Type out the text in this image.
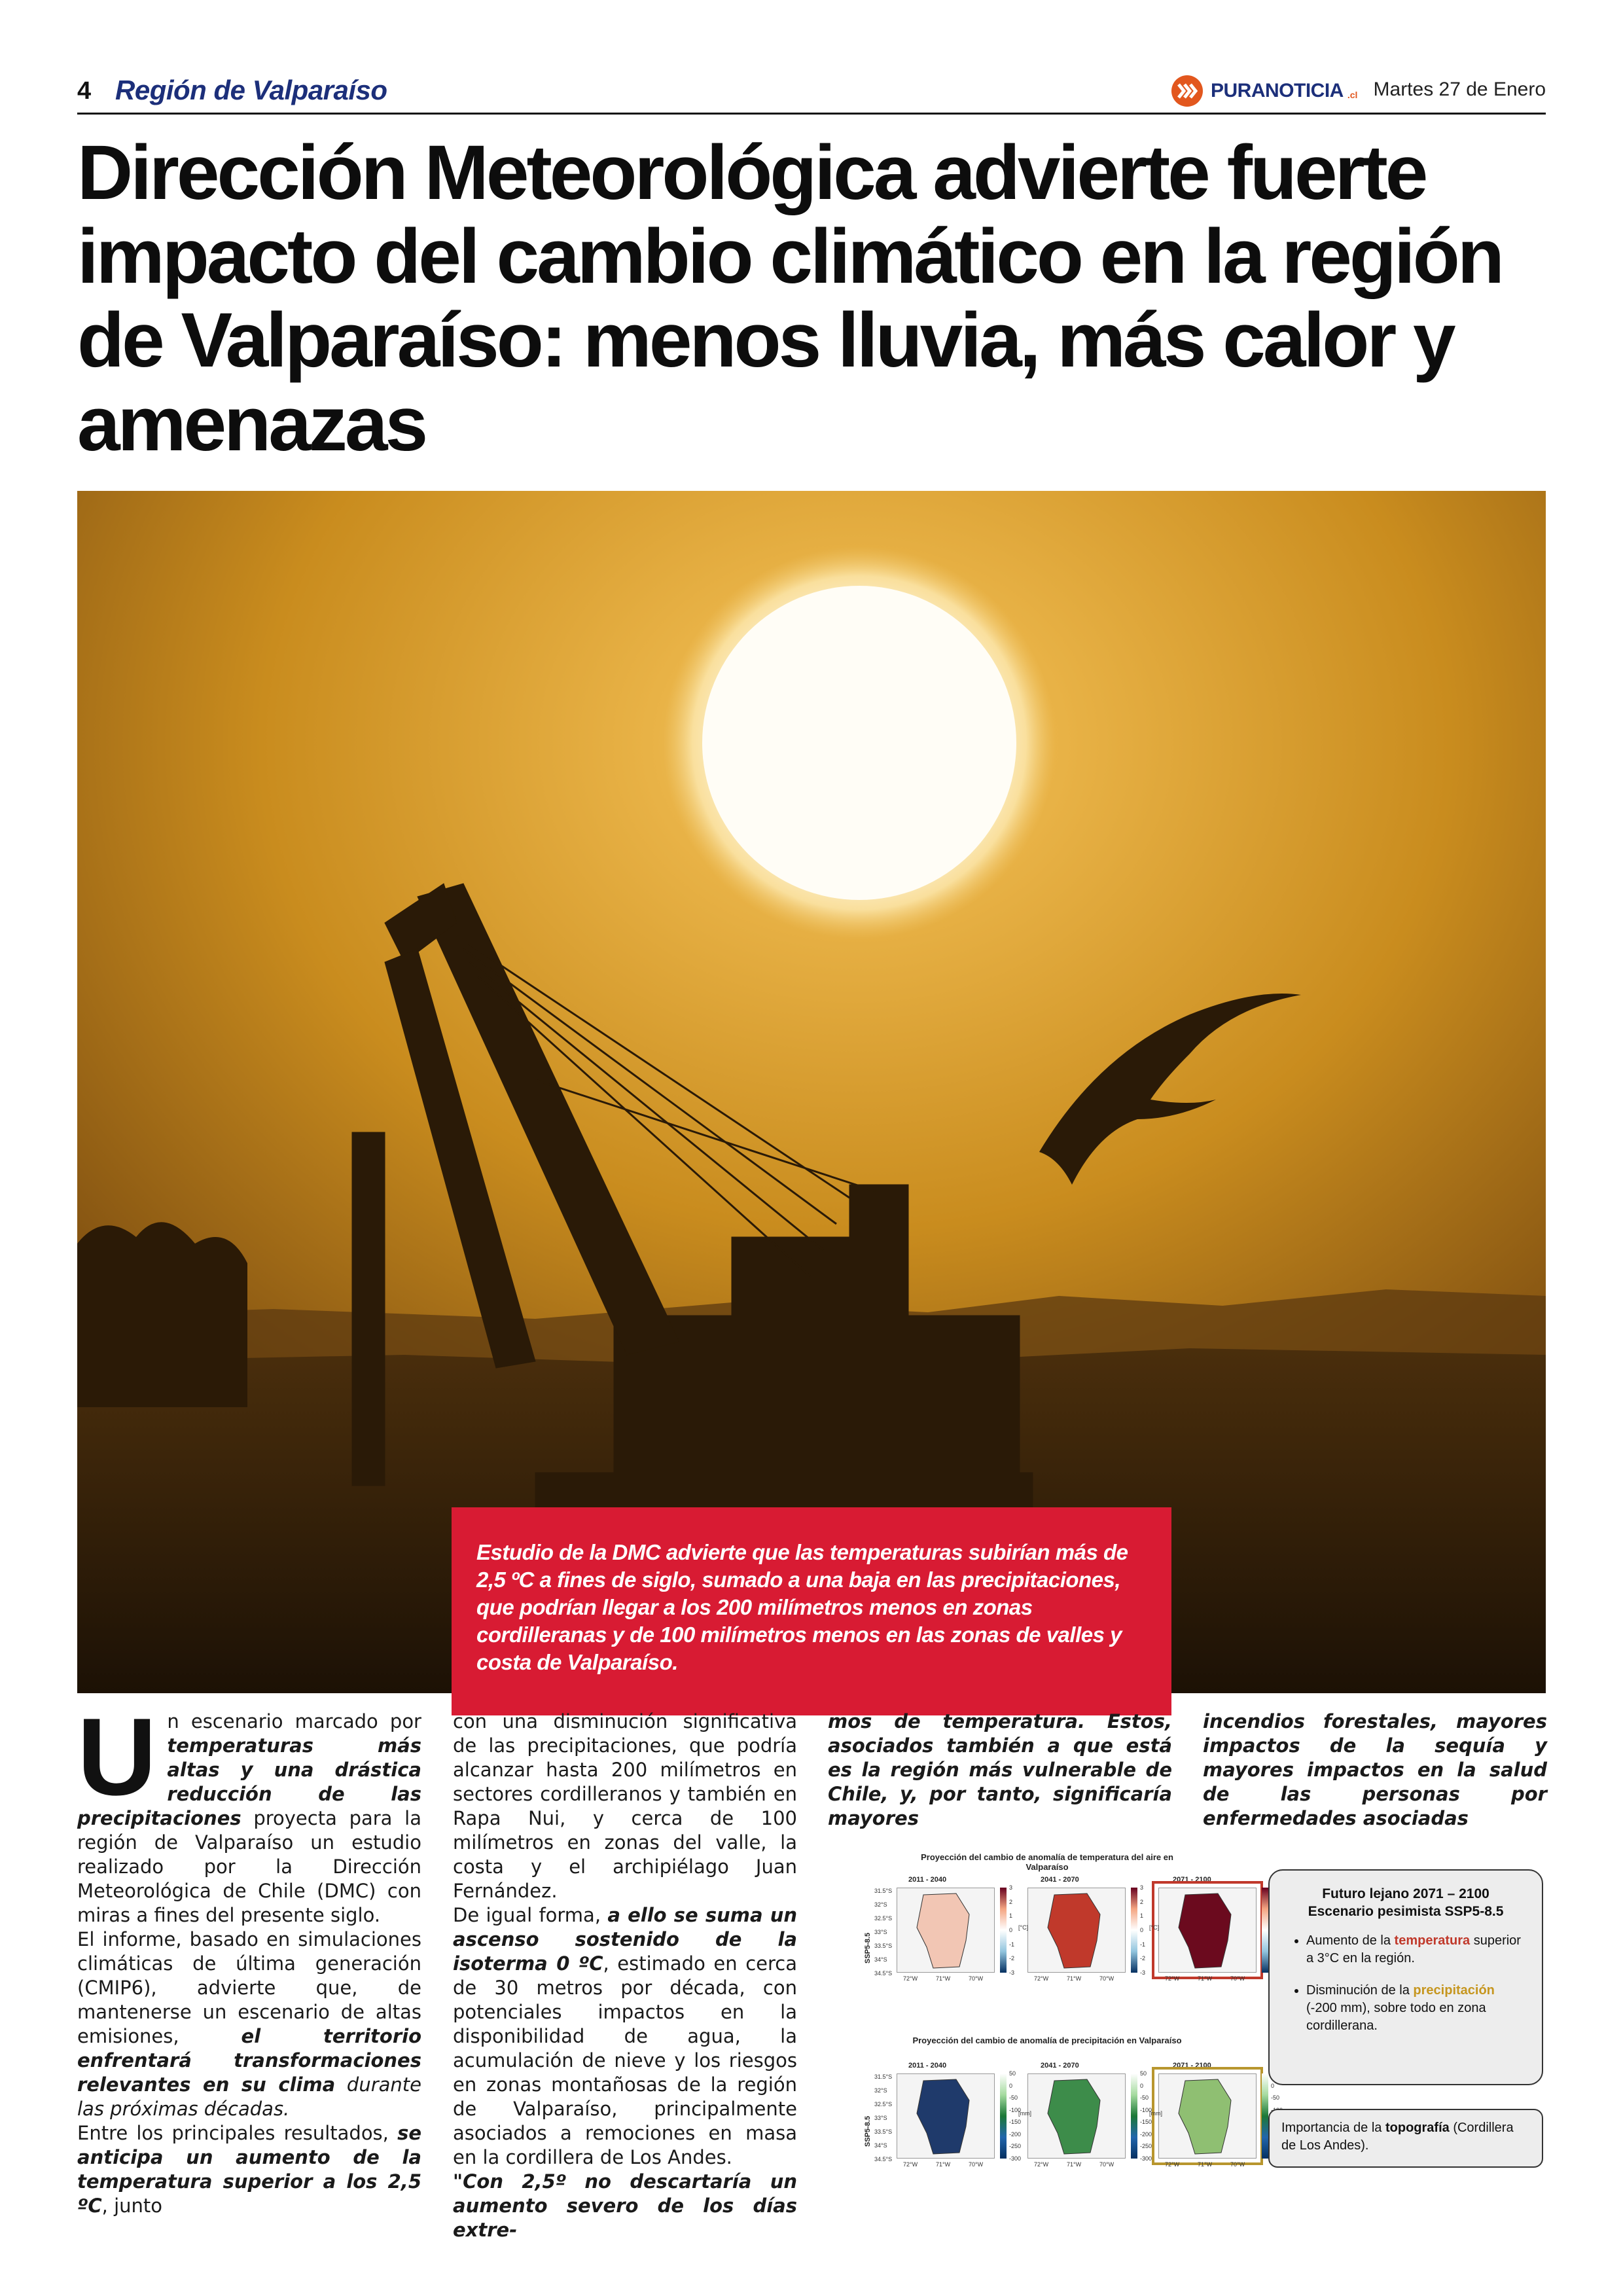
4 Región de Valparaíso	PURANOTICIA .cl Martes 27 de Enero
Dirección Meteorológica advierte fuerte impacto del cambio climático en la región de Valparaíso: menos lluvia, más calor y amenazas
Estudio de la DMC advierte que las temperaturas subirían más de 2,5 ºC a fines de siglo, sumado a una baja en las precipitaciones, que podrían llegar a los 200 milímetros menos en zonas cordilleranas y de 100 milímetros menos en las zonas de valles y costa de Valparaíso.

Un escenario marcado por temperaturas más altas y una drástica reducción de las precipitaciones proyecta para la región de Valparaíso un estudio realizado por la Dirección Meteorológica de Chile (DMC) con miras a fines del presente siglo.

El informe, basado en simulaciones climáticas de última generación (CMIP6), advierte que, de mantenerse un escenario de altas emisiones, el territorio enfrentará transformaciones relevantes en su clima durante las próximas décadas.

Entre los principales resultados, se anticipa un aumento de la temperatura superior a los 2,5 ºC, junto

con una disminución significativa de las precipitaciones, que podría alcanzar hasta 200 milímetros en sectores cordilleranos y también en Rapa Nui, y cerca de 100 milímetros en zonas del valle, la costa y el archipiélago Juan Fernández.

De igual forma, a ello se suma un ascenso sostenido de la isoterma 0 ºC, estimado en cerca de 30 metros por década, con potenciales impactos en la disponibilidad de agua, la acumulación de nieve y los riesgos en zonas montañosas de la región de Valparaíso, principalmente asociados a remociones en masa en la cordillera de Los Andes.

"Con 2,5º no descartaría un aumento severo de los días extre-

mos de temperatura. Estos, asociados también a que está es la región más vulnerable de Chile, y, por tanto, significaría mayores

incendios forestales, mayores impactos de la sequía y mayores impactos en la salud de las personas por enfermedades asociadas

Proyección del cambio de anomalía de temperatura del aire en Valparaíso
SSP5-8.5
2011 - 2040	2041 - 2070	2071 - 2100
Proyección del cambio de anomalía de precipitación en Valparaíso
SSP5-8.5
2011 - 2040	2041 - 2070	2071 - 2100
3
2
1
0
-1
-2
-3
3
2
1
0
-1
-2
-3
50
0
-50
-100
-150
-200
-250
-300
50
0
-50
-100
-150
-200
-250
-300
0
-50
[°C]	[°C]
[mm]	[mm]
31.5°S
32°S
32.5°S
33°S
33.5°S
34°S
34.5°S
72°W	71°W	70°W	72°W	71°W	70°W	72°W	71°W	70°W
31.5°S
32°S
32.5°S
33°S
33.5°S
34°S
34.5°S
72°W	71°W	70°W	72°W	71°W	70°W	72°W	71°W	70°W
Futuro lejano 2071 – 2100
Escenario pesimista SSP5-8.5
• Aumento de la temperatura superior a 3°C en la región.
• Disminución de la precipitación (-200 mm), sobre todo en zona cordillerana.
Importancia de la topografía (Cordillera de Los Andes).
